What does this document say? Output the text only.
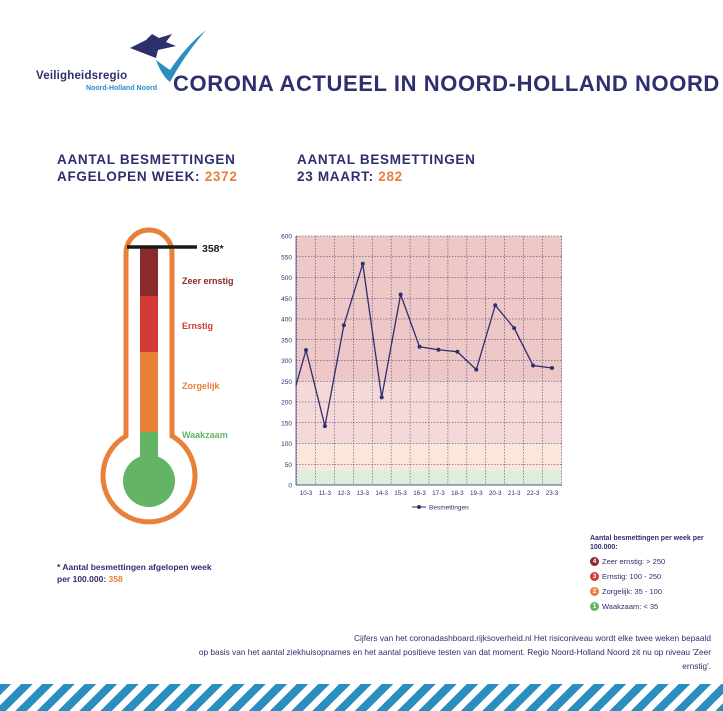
Veiligheidsregio
Noord-Holland Noord CORONA ACTUEEL IN NOORD-HOLLAND NOORD
AANTAL BESMETTINGEN
AFGELOPEN WEEK: 2372
AANTAL BESMETTINGEN
23 MAART: 282
358*
Zeer ernstig
Ernstig
Zorgelijk
Waakzaam
* Aantal besmettingen afgelopen week
per 100.000: 358
0
50
100
150
200
250
300
350
400
450
500
550
600
10-3 11-3 12-3 13-3 14-3 15-3 16-3 17-3 18-3 19-3 20-3 21-3 22-3 23-3
Besmettingen
Aantal besmettingen per week per 100.000:
4 Zeer ernstig: > 250
3 Ernstig: 100 - 250
2 Zorgelijk: 35 - 100
1 Waakzaam: < 35
Cijfers van het coronadashboard.rijksoverheid.nl Het risiconiveau wordt elke twee weken bepaald
op basis van het aantal ziekhuisopnames en het aantal positieve testen van dat moment. Regio Noord-Holland Noord zit nu op niveau 'Zeer ernstig'.
